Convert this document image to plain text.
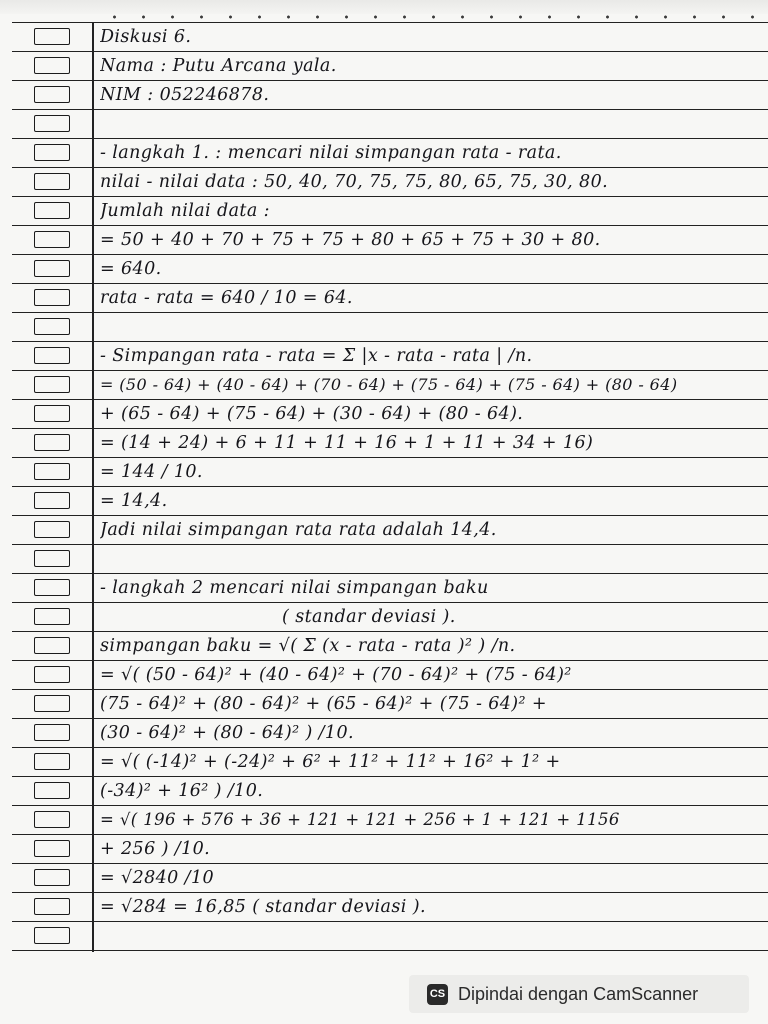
Diskusi 6.
Nama : Putu Arcana yala.
NIM : 052246878.
- langkah 1. : mencari nilai simpangan rata - rata.
nilai - nilai data : 50, 40, 70, 75, 75, 80, 65, 75, 30, 80.
Jumlah nilai data :
= 50 + 40 + 70 + 75 + 75 + 80 + 65 + 75 + 30 + 80.
= 640.
rata - rata = 640 / 10 = 64.
- Simpangan rata - rata = Σ |x - rata - rata | /n.
= (50 - 64) + (40 - 64) + (70 - 64) + (75 - 64) + (75 - 64) + (80 - 64)
+ (65 - 64) + (75 - 64) + (30 - 64) + (80 - 64).
= (14 + 24) + 6 + 11 + 11 + 16 + 1 + 11 + 34 + 16)
= 144 / 10.
= 14,4.
Jadi nilai simpangan rata rata adalah 14,4.
- langkah 2 mencari nilai simpangan baku
( standar deviasi ).
simpangan baku = √( Σ (x - rata - rata )² ) /n.
= √( (50 - 64)² + (40 - 64)² + (70 - 64)² + (75 - 64)²
(75 - 64)² + (80 - 64)² + (65 - 64)² + (75 - 64)² +
(30 - 64)² + (80 - 64)² ) /10.
= √( (-14)² + (-24)² + 6² + 11² + 11² + 16² + 1² +
(-34)² + 16² ) /10.
= √( 196 + 576 + 36 + 121 + 121 + 256 + 1 + 121 + 1156
+ 256 ) /10.
= √2840 /10
= √284 = 16,85 ( standar deviasi ).
CS Dipindai dengan CamScanner
